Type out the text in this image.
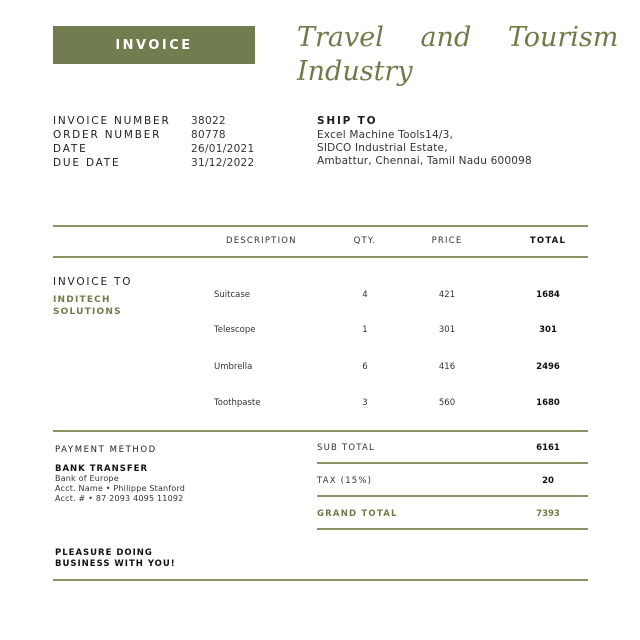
INVOICE	Travel and Tourism
Industry
INVOICE NUMBER	38022
ORDER NUMBER	80778
DATE	26/01/2021
DUE DATE	31/12/2022
SHIP TO
Excel Machine Tools14/3,
SIDCO Industrial Estate,
Ambattur, Chennai, Tamil Nadu 600098
DESCRIPTION	QTY.	PRICE	TOTAL
INVOICE TO
INDITECH
SOLUTIONS
Suitcase	4	421	1684
Telescope	1	301	301
Umbrella	6	416	2496
Toothpaste	3	560	1680
PAYMENT METHOD
BANK TRANSFER
Bank of Europe
Acct. Name • Philippe Stanford
Acct. # • 87 2093 4095 11092
SUB TOTAL	6161
TAX (15%)	20
GRAND TOTAL	7393
PLEASURE DOING
BUSINESS WITH YOU!
